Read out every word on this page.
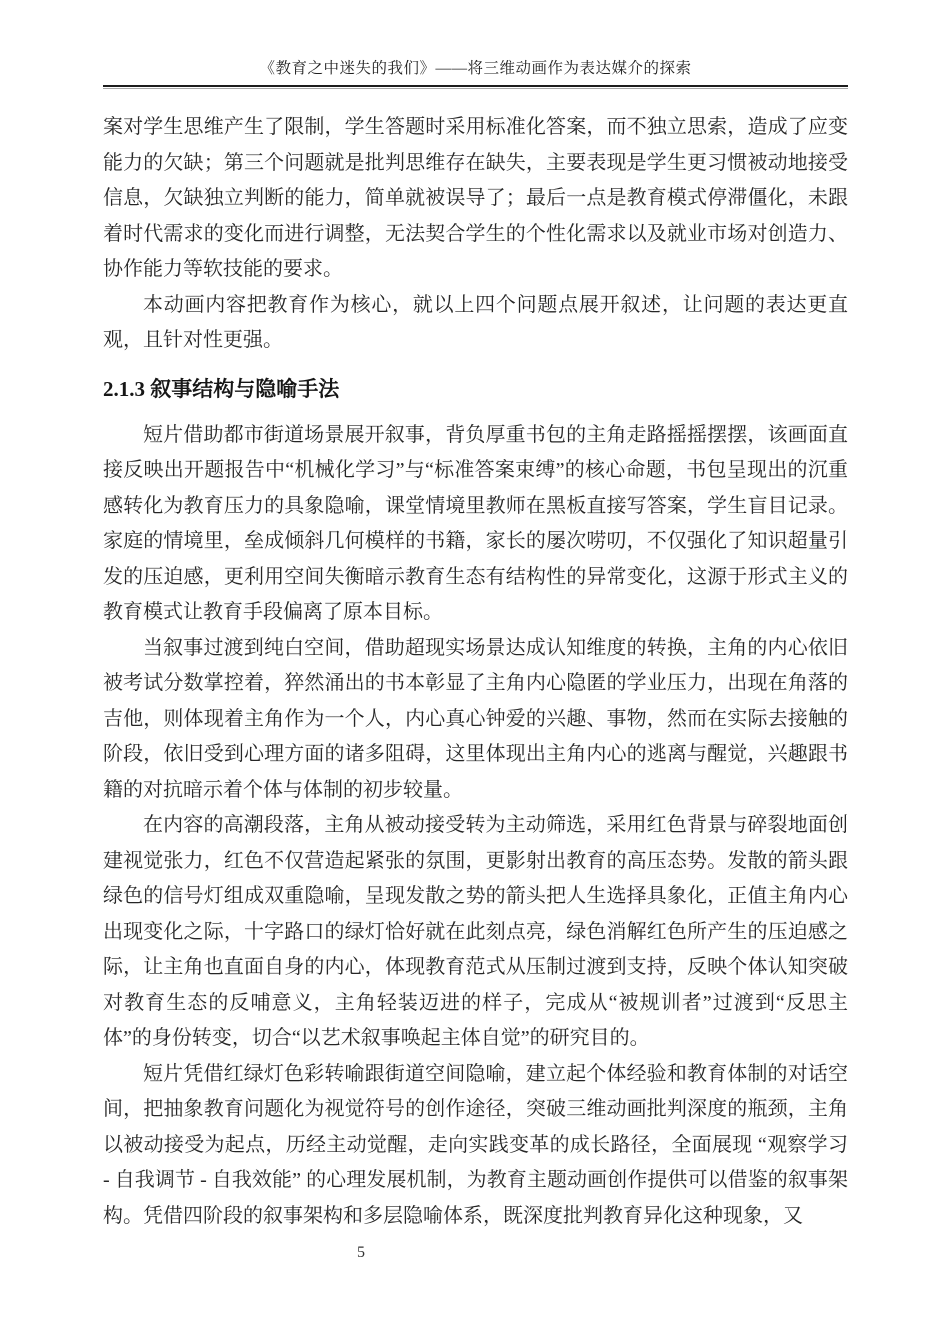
《教育之中迷失的我们》——将三维动画作为表达媒介的探索

案对学生思维产生了限制，学生答题时采用标准化答案，而不独立思索，造成了应变能力的欠缺；第三个问题就是批判思维存在缺失，主要表现是学生更习惯被动地接受信息，欠缺独立判断的能力，简单就被误导了；最后一点是教育模式停滞僵化，未跟着时代需求的变化而进行调整，无法契合学生的个性化需求以及就业市场对创造力、协作能力等软技能的要求。

本动画内容把教育作为核心，就以上四个问题点展开叙述，让问题的表达更直观，且针对性更强。

2.1.3 叙事结构与隐喻手法

短片借助都市街道场景展开叙事，背负厚重书包的主角走路摇摇摆摆，该画面直接反映出开题报告中“机械化学习”与“标准答案束缚”的核心命题，书包呈现出的沉重感转化为教育压力的具象隐喻，课堂情境里教师在黑板直接写答案，学生盲目记录。家庭的情境里，垒成倾斜几何模样的书籍，家长的屡次唠叨，不仅强化了知识超量引发的压迫感，更利用空间失衡暗示教育生态有结构性的异常变化，这源于形式主义的教育模式让教育手段偏离了原本目标。

当叙事过渡到纯白空间，借助超现实场景达成认知维度的转换，主角的内心依旧被考试分数掌控着，猝然涌出的书本彰显了主角内心隐匿的学业压力，出现在角落的吉他，则体现着主角作为一个人，内心真心钟爱的兴趣、事物，然而在实际去接触的阶段，依旧受到心理方面的诸多阻碍，这里体现出主角内心的逃离与醒觉，兴趣跟书籍的对抗暗示着个体与体制的初步较量。

在内容的高潮段落，主角从被动接受转为主动筛选，采用红色背景与碎裂地面创建视觉张力，红色不仅营造起紧张的氛围，更影射出教育的高压态势。发散的箭头跟绿色的信号灯组成双重隐喻，呈现发散之势的箭头把人生选择具象化，正值主角内心出现变化之际，十字路口的绿灯恰好就在此刻点亮，绿色消解红色所产生的压迫感之际，让主角也直面自身的内心，体现教育范式从压制过渡到支持，反映个体认知突破对教育生态的反哺意义，主角轻装迈进的样子，完成从“被规训者”过渡到“反思主体”的身份转变，切合“以艺术叙事唤起主体自觉”的研究目的。

短片凭借红绿灯色彩转喻跟街道空间隐喻，建立起个体经验和教育体制的对话空间，把抽象教育问题化为视觉符号的创作途径，突破三维动画批判深度的瓶颈，主角以被动接受为起点，历经主动觉醒，走向实践变革的成长路径，全面展现 “观察学习 - 自我调节 - 自我效能” 的心理发展机制，为教育主题动画创作提供可以借鉴的叙事架构。凭借四阶段的叙事架构和多层隐喻体系，既深度批判教育异化这种现象，又

5
